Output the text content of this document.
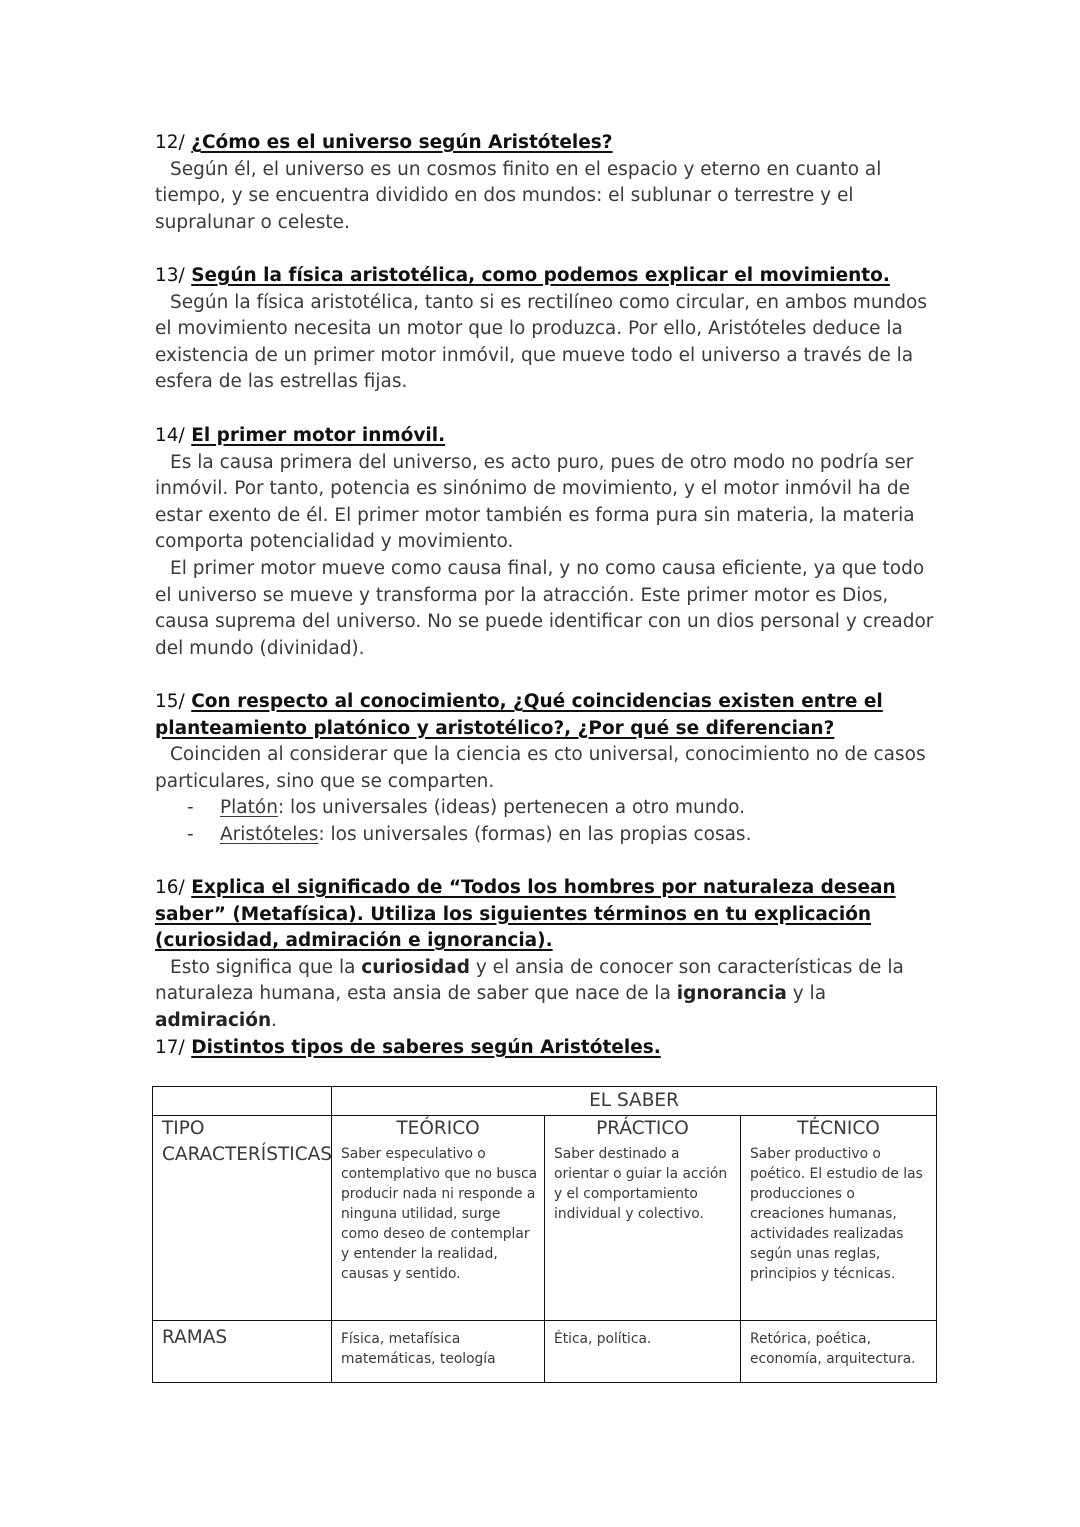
12/ ¿Cómo es el universo según Aristóteles?

Según él, el universo es un cosmos finito en el espacio y eterno en cuanto al tiempo, y se encuentra dividido en dos mundos: el sublunar o terrestre y el supralunar o celeste.

13/ Según la física aristotélica, como podemos explicar el movimiento.

Según la física aristotélica, tanto si es rectilíneo como circular, en ambos mundos el movimiento necesita un motor que lo produzca. Por ello, Aristóteles deduce la existencia de un primer motor inmóvil, que mueve todo el universo a través de la esfera de las estrellas fijas.

14/ El primer motor inmóvil.

Es la causa primera del universo, es acto puro, pues de otro modo no podría ser inmóvil. Por tanto, potencia es sinónimo de movimiento, y el motor inmóvil ha de estar exento de él. El primer motor también es forma pura sin materia, la materia comporta potencialidad y movimiento.

El primer motor mueve como causa final, y no como causa eficiente, ya que todo el universo se mueve y transforma por la atracción. Este primer motor es Dios, causa suprema del universo. No se puede identificar con un dios personal y creador del mundo (divinidad).

15/ Con respecto al conocimiento, ¿Qué coincidencias existen entre el planteamiento platónico y aristotélico?, ¿Por qué se diferencian?

Coinciden al considerar que la ciencia es cto universal, conocimiento no de casos particulares, sino que se comparten.

- Platón: los universales (ideas) pertenecen a otro mundo.
- Aristóteles: los universales (formas) en las propias cosas.
16/ Explica el significado de “Todos los hombres por naturaleza desean saber” (Metafísica). Utiliza los siguientes términos en tu explicación (curiosidad, admiración e ignorancia).

Esto significa que la curiosidad y el ansia de conocer son características de la naturaleza humana, esta ansia de saber que nace de la ignorancia y la admiración.

17/ Distintos tipos de saberes según Aristóteles.
	EL SABER		
TIPO	TEÓRICO	PRÁCTICO	TÉCNICO
CARACTERÍSTICAS	Saber especulativo o contemplativo que no busca producir nada ni responde a ninguna utilidad, surge como deseo de contemplar y entender la realidad, causas y sentido.	Saber destinado a orientar o guiar la acción y el comportamiento individual y colectivo.	Saber productivo o poético. El estudio de las producciones o creaciones humanas, actividades realizadas según unas reglas, principios y técnicas.
RAMAS	Física, metafísica matemáticas, teología	Ética, política.	Retórica, poética, economía, arquitectura.
